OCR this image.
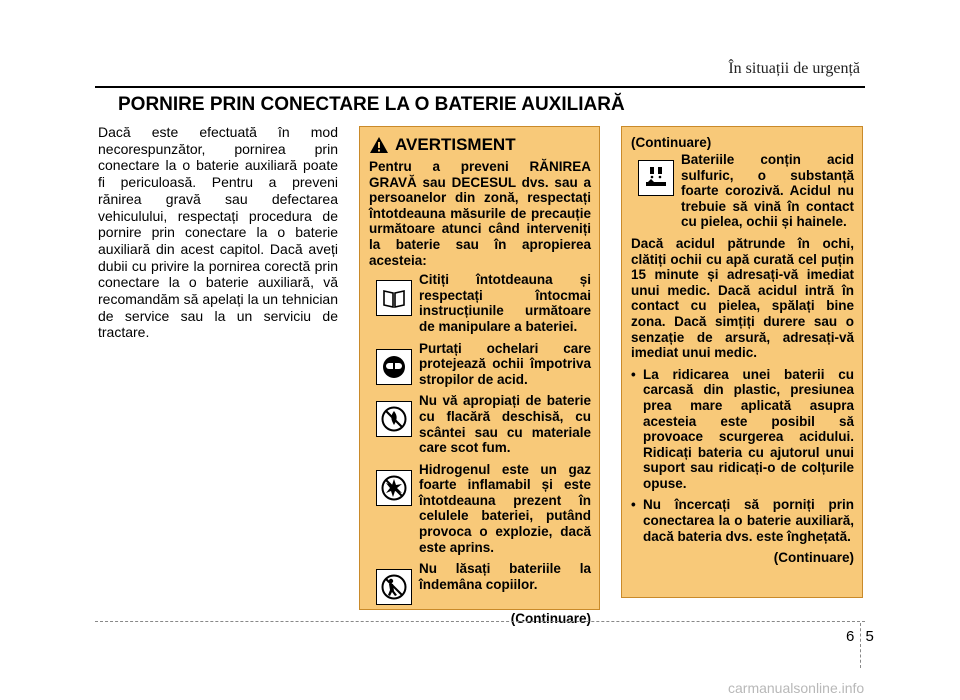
În situații de urgență
PORNIRE PRIN CONECTARE LA O BATERIE AUXILIARĂ

Dacă este efectuată în mod necorespunzător, pornirea prin conectare la o baterie auxiliară poate fi periculoasă. Pentru a preveni rănirea gravă sau defectarea vehiculului, respectați procedura de pornire prin conectare la o baterie auxiliară din acest capitol. Dacă aveți dubii cu privire la pornirea corectă prin conectare la o baterie auxiliară, vă recomandăm să apelați la un tehnician de service sau la un serviciu de tractare.

AVERTISMENT

Pentru a preveni RĂNIREA GRAVĂ sau DECESUL dvs. sau a persoanelor din zonă, respectați întotdeauna măsurile de precauție următoare atunci când interveniți la baterie sau în apropierea acesteia:

Citiți întotdeauna și respectați întocmai instrucțiunile următoare de manipulare a bateriei.

Purtați ochelari care protejează ochii împotriva stropilor de acid.

Nu vă apropiați de baterie cu flacără deschisă, cu scântei sau cu materiale care scot fum.

Hidrogenul este un gaz foarte inflamabil și este întotdeauna prezent în celulele bateriei, putând provoca o explozie, dacă este aprins.

Nu lăsați bateriile la îndemâna copiilor.

(Continuare)

(Continuare)

Bateriile conțin acid sulfuric, o substanță foarte corozivă. Acidul nu trebuie să vină în contact cu pielea, ochii și hainele.

Dacă acidul pătrunde în ochi, clătiți ochii cu apă curată cel puțin 15 minute și adresați-vă imediat unui medic. Dacă acidul intră în contact cu pielea, spălați bine zona. Dacă simțiți durere sau o senzație de arsură, adresați-vă imediat unui medic.

• La ridicarea unei baterii cu carcasă din plastic, presiunea prea mare aplicată asupra acesteia este posibil să provoace scurgerea acidului. Ridicați bateria cu ajutorul unui suport sau ridicați-o de colțurile opuse.
• Nu încercați să porniți prin conectarea la o baterie auxiliară, dacă bateria dvs. este înghețată.

(Continuare)

6 5
carmanualsonline.info
